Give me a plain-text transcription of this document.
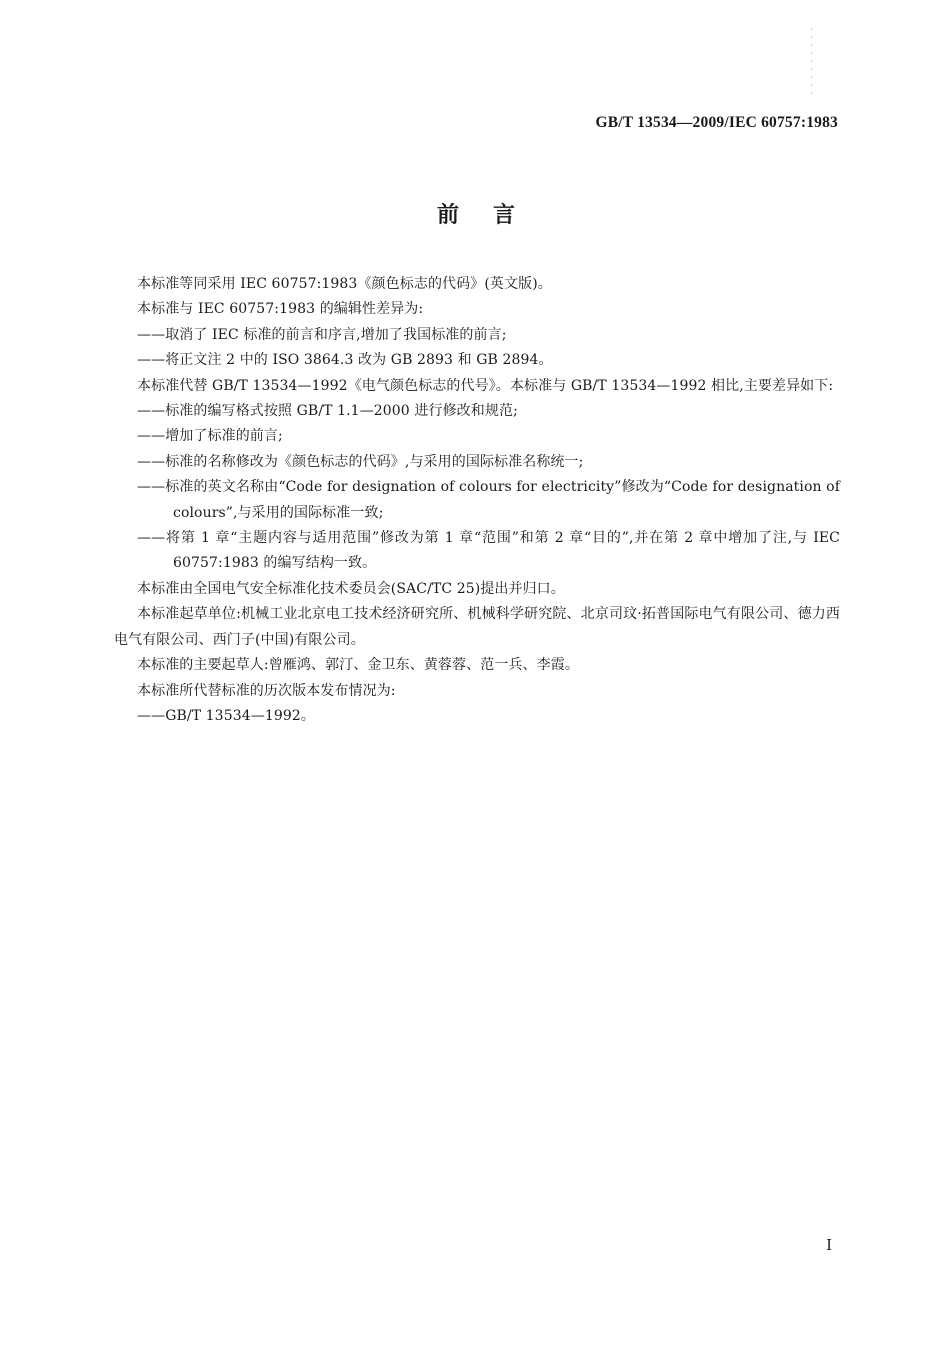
GB/T 13534—2009/IEC 60757:1983
前言

本标准等同采用 IEC 60757:1983《颜色标志的代码》(英文版)。

本标准与 IEC 60757:1983 的编辑性差异为:

——取消了 IEC 标准的前言和序言,增加了我国标准的前言;

——将正文注 2 中的 ISO 3864.3 改为 GB 2893 和 GB 2894。

本标准代替 GB/T 13534—1992《电气颜色标志的代号》。本标准与 GB/T 13534—1992 相比,主要差异如下:

——标准的编写格式按照 GB/T 1.1—2000 进行修改和规范;

——增加了标准的前言;

——标准的名称修改为《颜色标志的代码》,与采用的国际标准名称统一;

——标准的英文名称由“Code for designation of colours for electricity”修改为“Code for designation of colours”,与采用的国际标准一致;

——将第 1 章“主题内容与适用范围”修改为第 1 章“范围”和第 2 章“目的”,并在第 2 章中增加了注,与 IEC 60757:1983 的编写结构一致。

本标准由全国电气安全标准化技术委员会(SAC/TC 25)提出并归口。

本标准起草单位:机械工业北京电工技术经济研究所、机械科学研究院、北京司玟·拓普国际电气有限公司、德力西电气有限公司、西门子(中国)有限公司。

本标准的主要起草人:曾雁鸿、郭汀、金卫东、黄蓉蓉、范一兵、李霞。

本标准所代替标准的历次版本发布情况为:

——GB/T 13534—1992。

I
